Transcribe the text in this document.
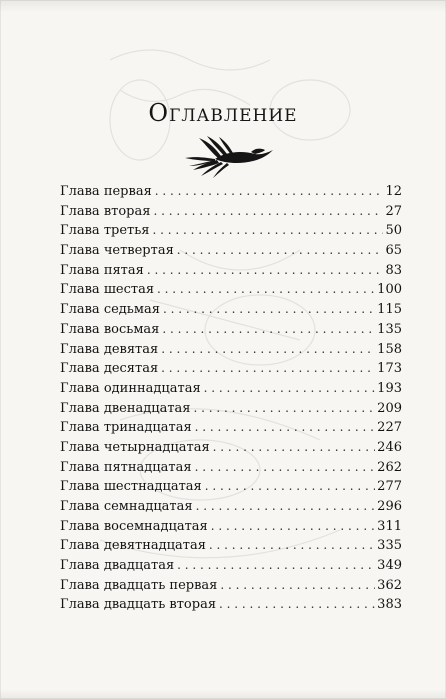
Оглавление
Глава первая . . .	12
Глава вторая . . .	27
Глава третья . . .	50
Глава четвертая . . .	65
Глава пятая . . .	83
Глава шестая . . .	100
Глава седьмая . . .	115
Глава восьмая . . .	135
Глава девятая . . .	158
Глава десятая . . .	173
Глава одиннадцатая . . .	193
Глава двенадцатая . . .	209
Глава тринадцатая . . .	227
Глава четырнадцатая . . .	246
Глава пятнадцатая . . .	262
Глава шестнадцатая . . .	277
Глава семнадцатая . . .	296
Глава восемнадцатая . . .	311
Глава девятнадцатая . . .	335
Глава двадцатая . . .	349
Глава двадцать первая . . .	362
Глава двадцать вторая . . .	383
